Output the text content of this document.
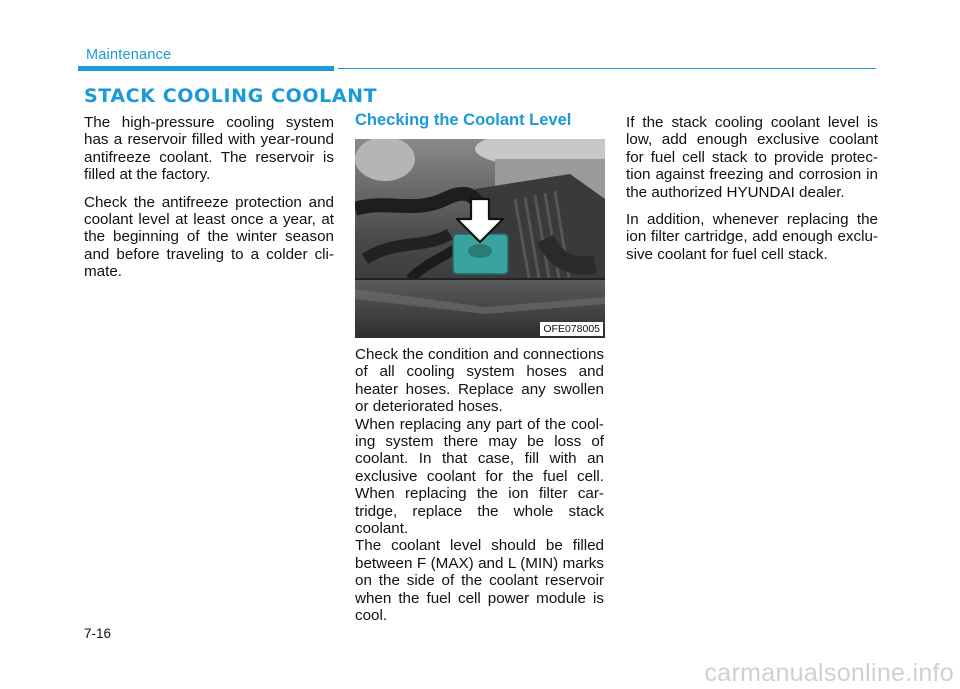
Maintenance
STACK COOLING COOLANT

The high-pressure cooling system has a reservoir filled with year-round antifreeze coolant. The reservoir is filled at the factory.

Check the antifreeze protection and coolant level at least once a year, at the beginning of the winter season and before traveling to a colder cli-mate.

Checking the Coolant Level
OFE078005

Check the condition and connections of all cooling system hoses and heater hoses. Replace any swollen or deteriorated hoses.

When replacing any part of the cool-ing system there may be loss of coolant. In that case, fill with an exclusive coolant for the fuel cell. When replacing the ion filter car-tridge, replace the whole stack coolant.

The coolant level should be filled between F (MAX) and L (MIN) marks on the side of the coolant reservoir when the fuel cell power module is cool.

If the stack cooling coolant level is low, add enough exclusive coolant for fuel cell stack to provide protec-tion against freezing and corrosion in the authorized HYUNDAI dealer.

In addition, whenever replacing the ion filter cartridge, add enough exclu-sive coolant for fuel cell stack.

7-16
carmanualsonline.info
